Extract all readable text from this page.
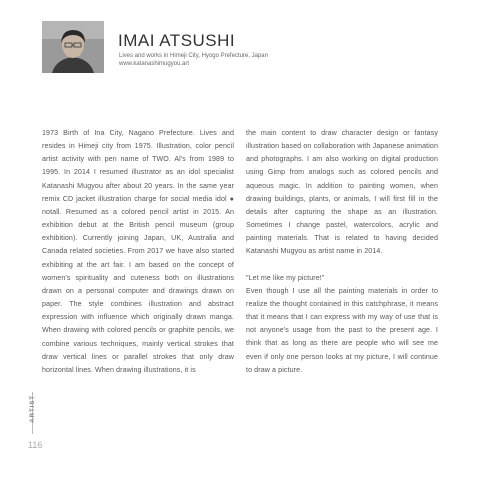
IMAI ATSUSHI
Lives and works in Himeji City, Hyogo Prefecture, Japan
www.katanashimugyou.art

1973 Birth of Ina City, Nagano Prefecture. Lives and resides in Himeji city from 1975. Illustration, color pencil artist activity with pen name of TWO. Al's from 1989 to 1995. In 2014 I resumed illustrator as an idol specialist Katanashi Mugyou after about 20 years. In the same year remix CD jacket illustration charge for social media idol ● notall. Resumed as a colored pencil artist in 2015. An exhibition debut at the British pencil museum (group exhibition). Currently joining Japan, UK, Australia and Canada related societies. From 2017 we have also started exhibiting at the art fair. I am based on the concept of women's spirituality and cuteness both on illustrations drawn on a personal computer and drawings drawn on paper. The style combines illustration and abstract expression with influence which originally drawn manga. When drawing with colored pencils or graphite pencils, we combine various techniques, mainly vertical strokes that draw vertical lines or parallel strokes that only draw horizontal lines. When drawing illustrations, it is

the main content to draw character design or fantasy illustration based on collaboration with Japanese animation and photographs. I am also working on digital production using Gimp from analogs such as colored pencils and aqueous magic. In addition to painting women, when drawing buildings, plants, or animals, I will first fill in the details after capturing the shape as an illustration. Sometimes I change pastel, watercolors, acrylic and painting materials. That is related to having decided Katanashi Mugyou as artist name in 2014.

"Let me like my picture!"

Even though I use all the painting materials in order to realize the thought contained in this catchphrase, it means that it means that I can express with my way of use that is not anyone's usage from the past to the present age. I think that as long as there are people who will see me even if only one person looks at my picture, I will continue to draw a picture.

ARTIST
116
